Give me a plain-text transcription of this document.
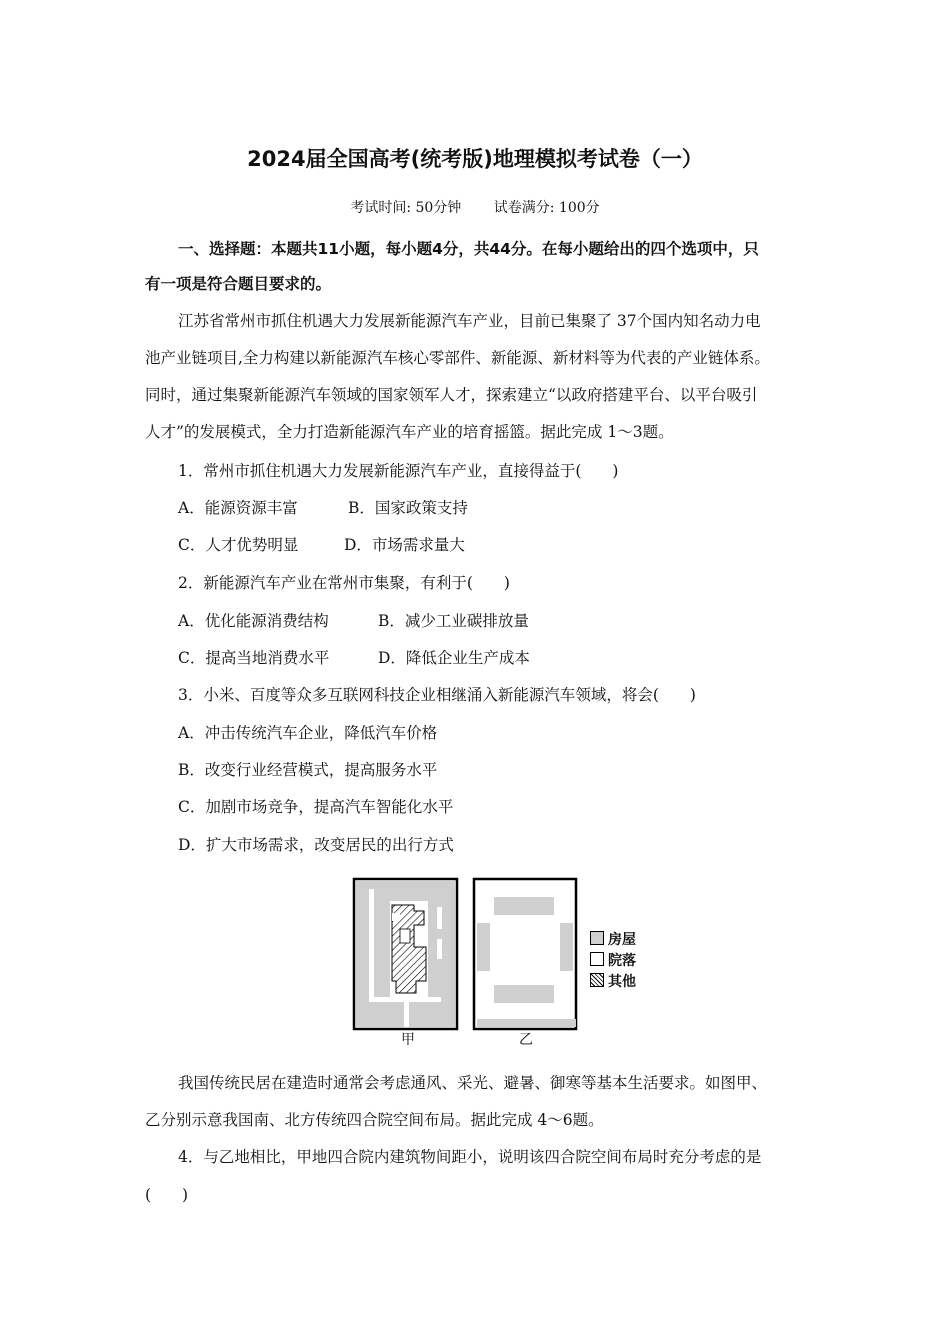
2024届全国高考(统考版)地理模拟考试卷（一）
考试时间: 50分钟 试卷满分: 100分
一、选择题：本题共11小题，每小题4分，共44分。在每小题给出的四个选项中，只
有一项是符合题目要求的。
江苏省常州市抓住机遇大力发展新能源汽车产业，目前已集聚了 37个国内知名动力电
池产业链项目,全力构建以新能源汽车核心零部件、新能源、新材料等为代表的产业链体系。
同时，通过集聚新能源汽车领域的国家领军人才，探索建立“以政府搭建平台、以平台吸引
人才”的发展模式，全力打造新能源汽车产业的培育摇篮。据此完成 1～3题。
1．常州市抓住机遇大力发展新能源汽车产业，直接得益于(　　)
A．能源资源丰富	B．国家政策支持
C．人才优势明显	D．市场需求量大
2．新能源汽车产业在常州市集聚，有利于(　　)
A．优化能源消费结构	B．减少工业碳排放量
C．提高当地消费水平	D．降低企业生产成本
3．小米、百度等众多互联网科技企业相继涌入新能源汽车领域，将会(　　)
A．冲击传统汽车企业，降低汽车价格
B．改变行业经营模式，提高服务水平
C．加剧市场竞争，提高汽车智能化水平
D．扩大市场需求，改变居民的出行方式
房屋
院落
其他
甲	乙
我国传统民居在建造时通常会考虑通风、采光、避暑、御寒等基本生活要求。如图甲、
乙分别示意我国南、北方传统四合院空间布局。据此完成 4～6题。
4．与乙地相比，甲地四合院内建筑物间距小，说明该四合院空间布局时充分考虑的是
(　　)
